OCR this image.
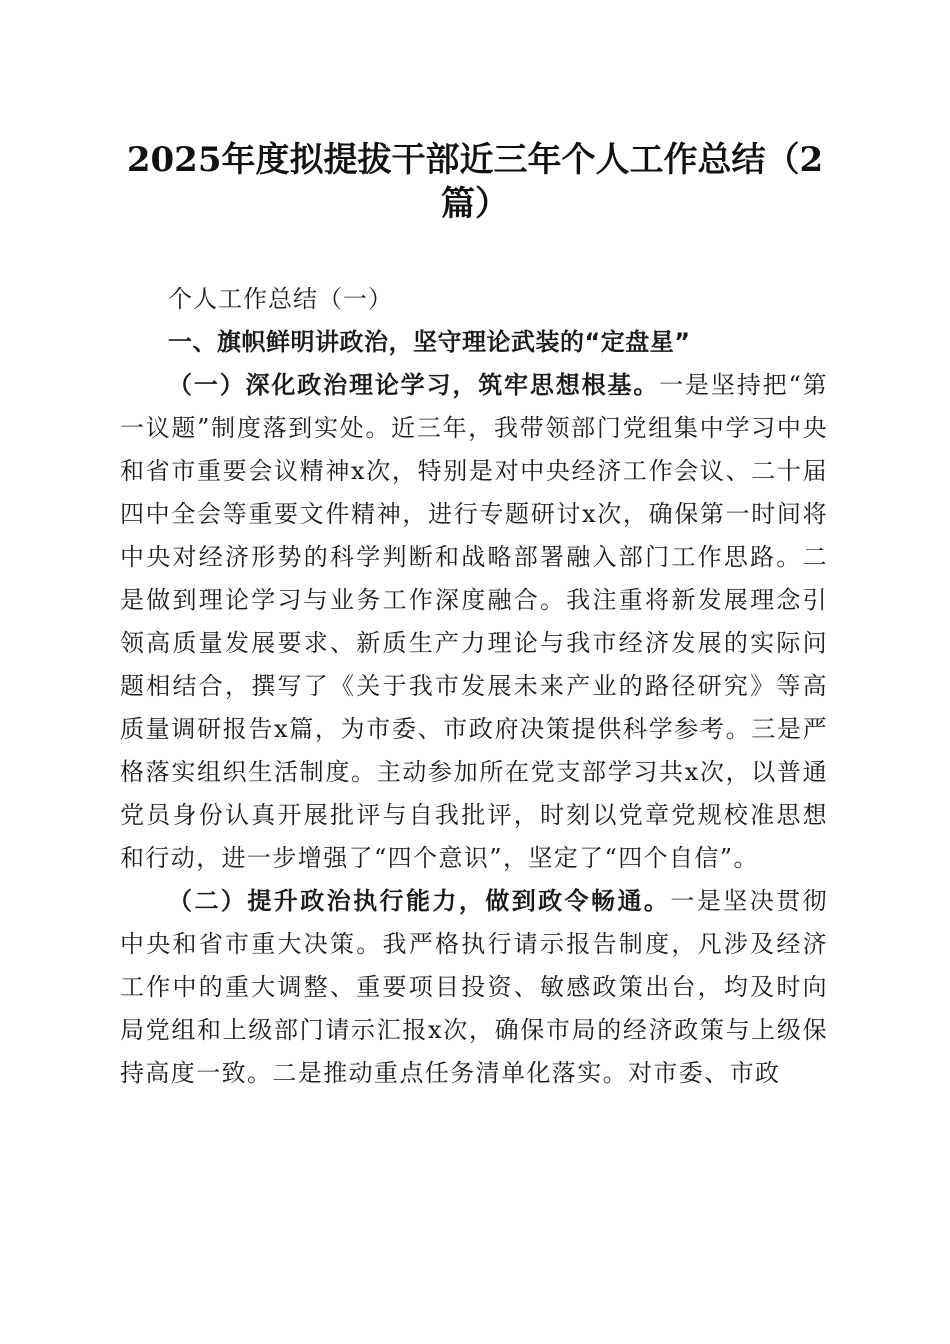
2025年度拟提拔干部近三年个人工作总结（2篇）

个人工作总结（一）

一、旗帜鲜明讲政治，坚守理论武装的“定盘星”

（一）深化政治理论学习，筑牢思想根基。一是坚持把“第一议题”制度落到实处。近三年，我带领部门党组集中学习中央和省市重要会议精神x次，特别是对中央经济工作会议、二十届四中全会等重要文件精神，进行专题研讨x次，确保第一时间将中央对经济形势的科学判断和战略部署融入部门工作思路。二是做到理论学习与业务工作深度融合。我注重将新发展理念引领高质量发展要求、新质生产力理论与我市经济发展的实际问题相结合，撰写了《关于我市发展未来产业的路径研究》等高质量调研报告x篇，为市委、市政府决策提供科学参考。三是严格落实组织生活制度。主动参加所在党支部学习共x次，以普通党员身份认真开展批评与自我批评，时刻以党章党规校准思想和行动，进一步增强了“四个意识”，坚定了“四个自信”。

（二）提升政治执行能力，做到政令畅通。一是坚决贯彻中央和省市重大决策。我严格执行请示报告制度，凡涉及经济工作中的重大调整、重要项目投资、敏感政策出台，均及时向局党组和上级部门请示汇报x次，确保市局的经济政策与上级保持高度一致。二是推动重点任务清单化落实。对市委、市政
